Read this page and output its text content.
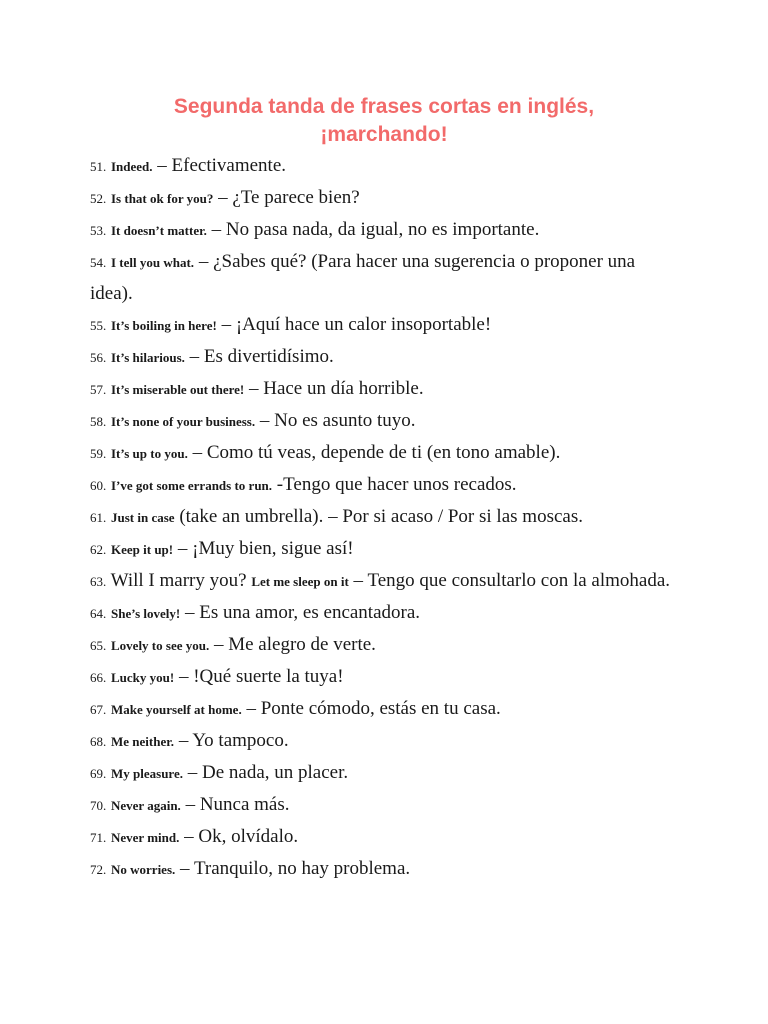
Segunda tanda de frases cortas en inglés,
¡marchando!
51. Indeed. – Efectivamente.
52. Is that ok for you? – ¿Te parece bien?
53. It doesn’t matter. – No pasa nada, da igual, no es importante.
54. I tell you what. – ¿Sabes qué? (Para hacer una sugerencia o proponer una idea).
55. It’s boiling in here! – ¡Aquí hace un calor insoportable!
56. It’s hilarious. – Es divertidísimo.
57. It’s miserable out there! – Hace un día horrible.
58. It’s none of your business. – No es asunto tuyo.
59. It’s up to you. – Como tú veas, depende de ti (en tono amable).
60. I’ve got some errands to run. -Tengo que hacer unos recados.
61. Just in case (take an umbrella). – Por si acaso / Por si las moscas.
62. Keep it up! – ¡Muy bien, sigue así!
63. Will I marry you? Let me sleep on it – Tengo que consultarlo con la almohada.
64. She’s lovely! – Es una amor, es encantadora.
65. Lovely to see you. – Me alegro de verte.
66. Lucky you! – !Qué suerte la tuya!
67. Make yourself at home. – Ponte cómodo, estás en tu casa.
68. Me neither. – Yo tampoco.
69. My pleasure. – De nada, un placer.
70. Never again. – Nunca más.
71. Never mind. – Ok, olvídalo.
72. No worries. – Tranquilo, no hay problema.
